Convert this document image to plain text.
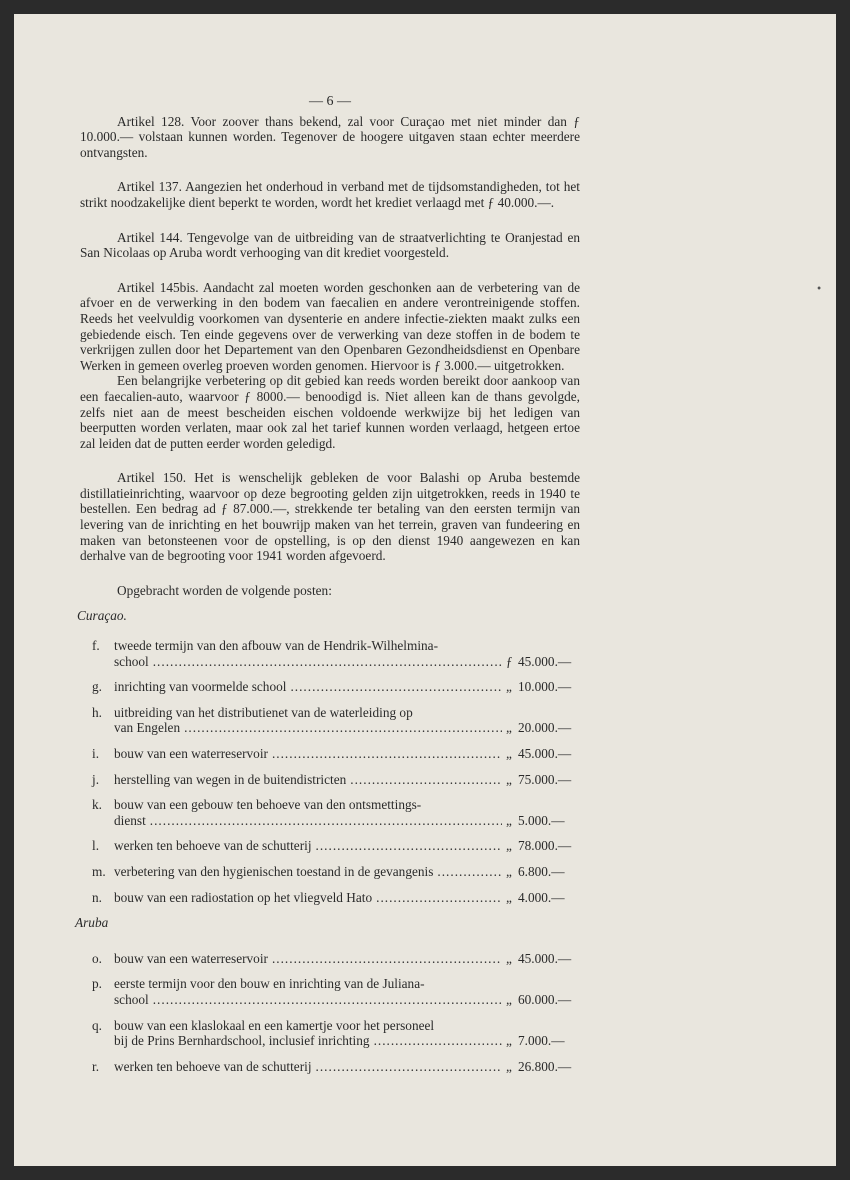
— 6 —

Artikel 128. Voor zoover thans bekend, zal voor Curaçao met niet minder dan ƒ 10.000.— volstaan kunnen worden. Tegenover de hoogere uitgaven staan echter meerdere ontvangsten.

Artikel 137. Aangezien het onderhoud in verband met de tijdsomstandigheden, tot het strikt noodzakelijke dient beperkt te worden, wordt het krediet verlaagd met ƒ 40.000.—.

Artikel 144. Tengevolge van de uitbreiding van de straatverlichting te Oranjestad en San Nicolaas op Aruba wordt verhooging van dit krediet voorgesteld.

Artikel 145bis. Aandacht zal moeten worden geschonken aan de verbetering van de afvoer en de verwerking in den bodem van faecalien en andere verontreinigende stoffen. Reeds het veelvuldig voorkomen van dysenterie en andere infectie-ziekten maakt zulks een gebiedende eisch. Ten einde gegevens over de verwerking van deze stoffen in de bodem te verkrijgen zullen door het Departement van den Openbaren Gezondheidsdienst en Openbare Werken in gemeen overleg proeven worden genomen. Hiervoor is ƒ 3.000.— uitgetrokken.

Een belangrijke verbetering op dit gebied kan reeds worden bereikt door aankoop van een faecalien-auto, waarvoor ƒ 8000.— benoodigd is. Niet alleen kan de thans gevolgde, zelfs niet aan de meest bescheiden eischen voldoende werkwijze bij het ledigen van beerputten worden verlaten, maar ook zal het tarief kunnen worden verlaagd, hetgeen ertoe zal leiden dat de putten eerder worden geledigd.

Artikel 150. Het is wenschelijk gebleken de voor Balashi op Aruba bestemde distillatieinrichting, waarvoor op deze begrooting gelden zijn uitgetrokken, reeds in 1940 te bestellen. Een bedrag ad ƒ 87.000.—, strekkende ter betaling van den eersten termijn van levering van de inrichting en het bouwrijp maken van het terrein, graven van fundeering en maken van betonsteenen voor de opstelling, is op den dienst 1940 aangewezen en kan derhalve van de begrooting voor 1941 worden afgevoerd.

Opgebracht worden de volgende posten:

Curaçao.
f. tweede termijn van den afbouw van de Hendrik-Wilhelmina-
school .....	ƒ 45.000.—
g. inrichting van voormelde school .....	„ 10.000.—
h. uitbreiding van het distributienet van de waterleiding op
van Engelen .....	„ 20.000.—
i. bouw van een waterreservoir .....	„ 45.000.—
j. herstelling van wegen in de buitendistricten .....	„ 75.000.—
k. bouw van een gebouw ten behoeve van den ontsmettings-
dienst .....	„ 5.000.—
l. werken ten behoeve van de schutterij .....	„ 78.000.—
m. verbetering van den hygienischen toestand in de gevangenis .....	„ 6.800.—
n. bouw van een radiostation op het vliegveld Hato .....	„ 4.000.—
Aruba
o. bouw van een waterreservoir .....	„ 45.000.—
p. eerste termijn voor den bouw en inrichting van de Juliana-
school .....	„ 60.000.—
q. bouw van een klaslokaal en een kamertje voor het personeel
bij de Prins Bernhardschool, inclusief inrichting .....	„ 7.000.—
r. werken ten behoeve van de schutterij .....	„ 26.800.—
•
